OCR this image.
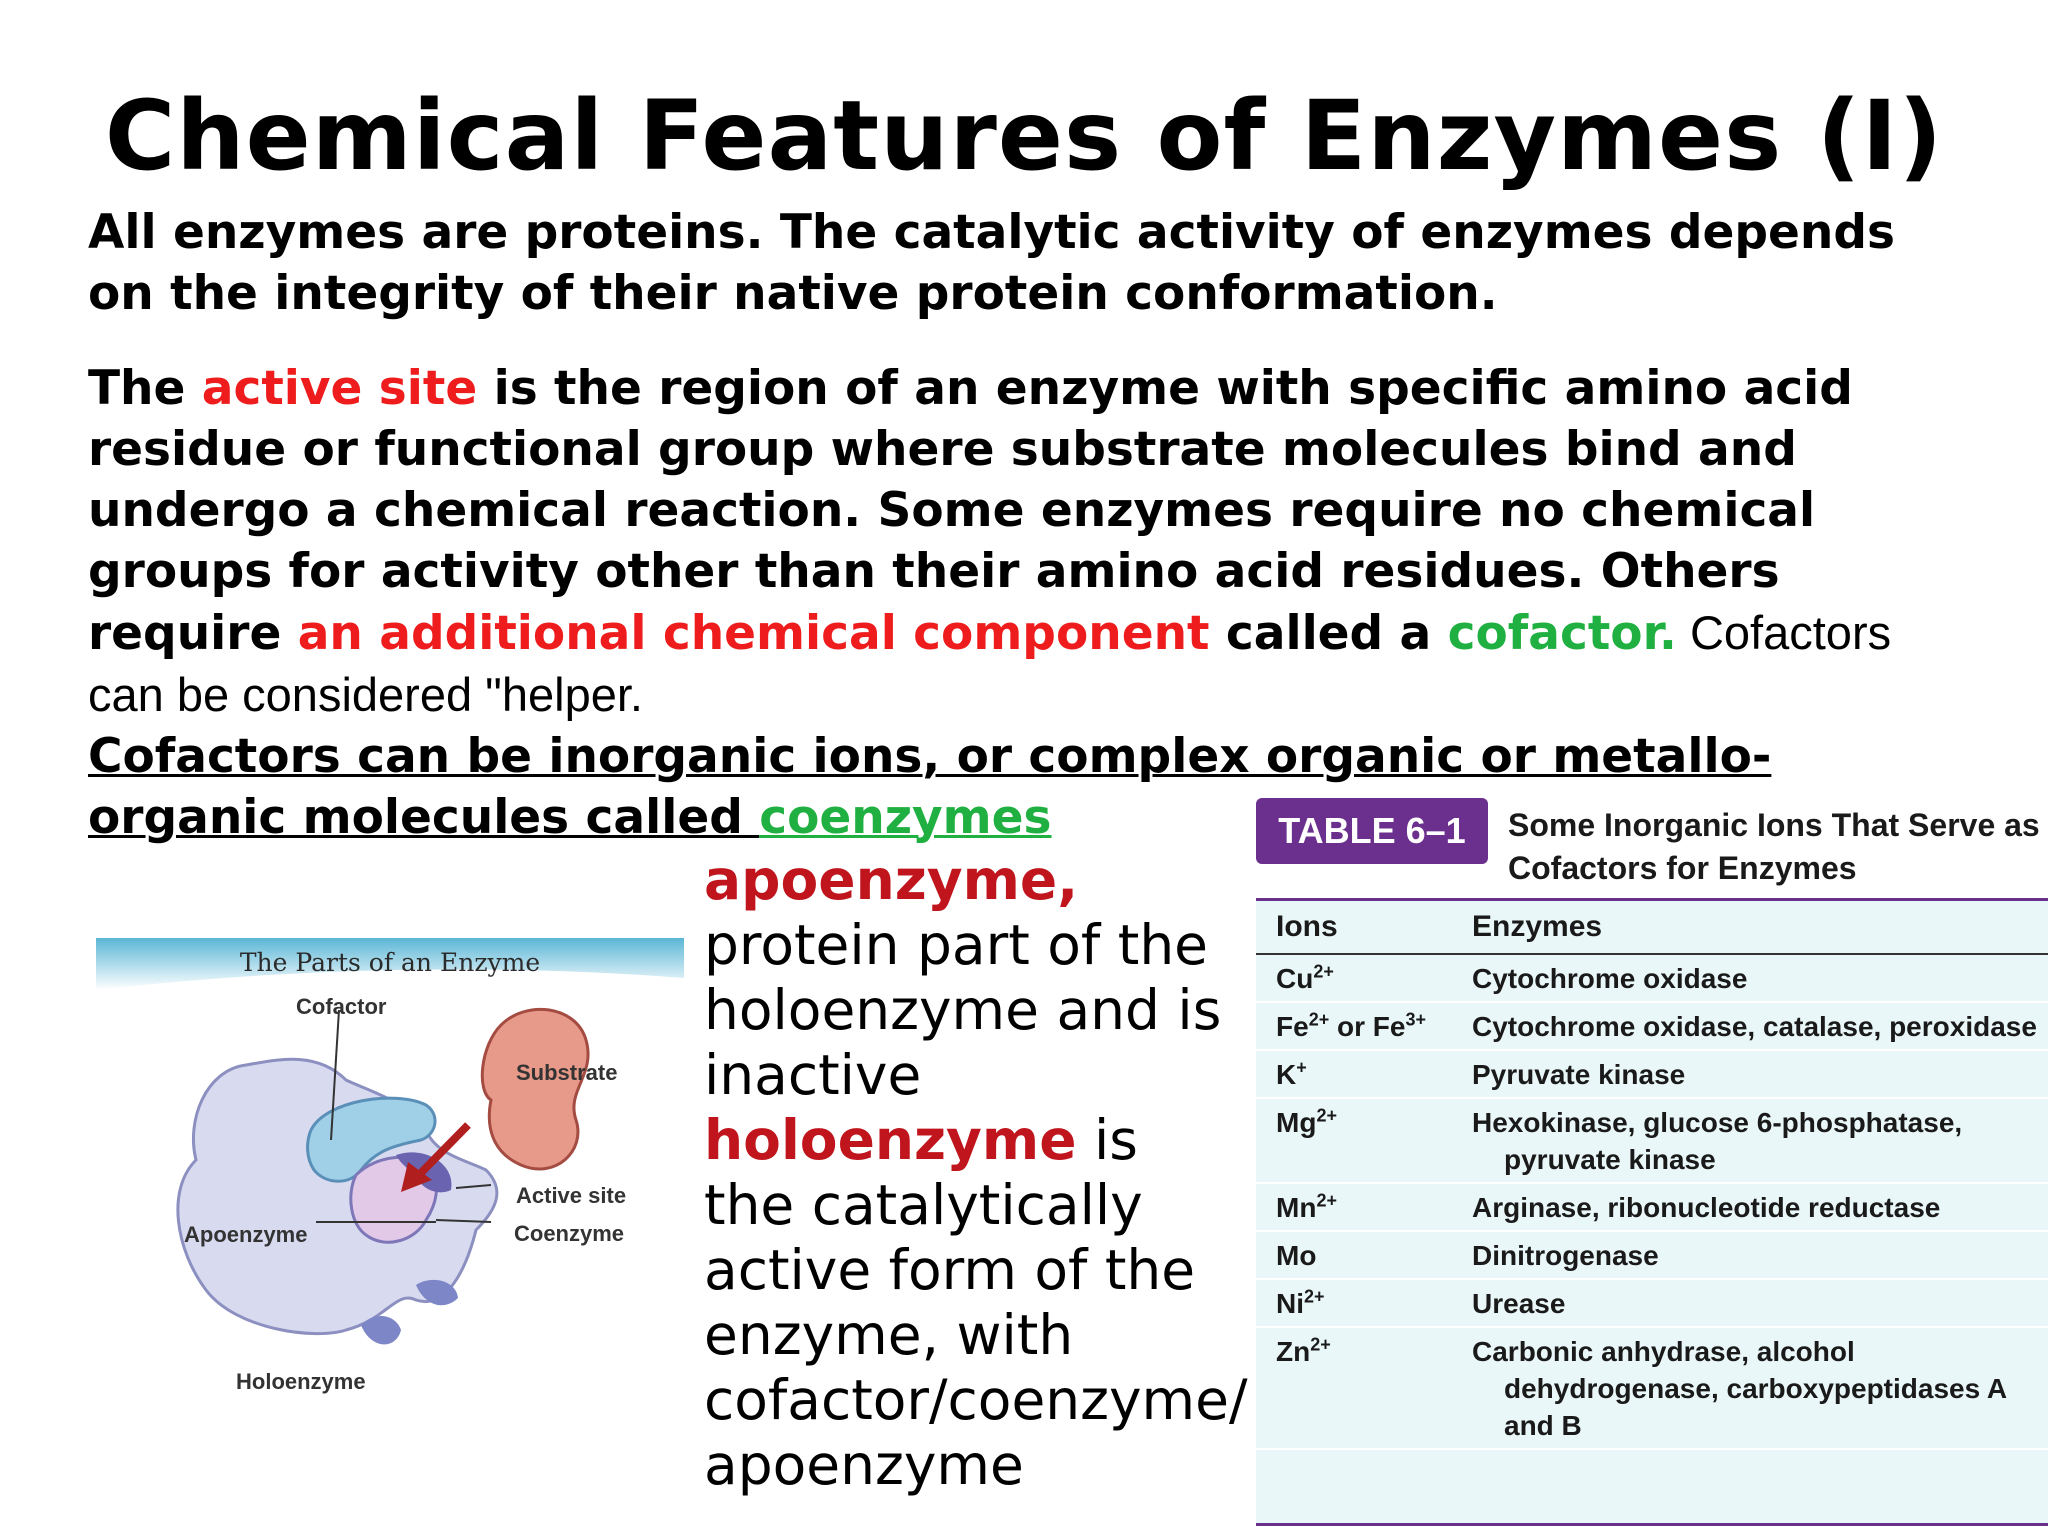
Chemical Features of Enzymes (I)
All enzymes are proteins. The catalytic activity of enzymes depends on the integrity of their native protein conformation.
The active site is the region of an enzyme with specific amino acid residue or functional group where substrate molecules bind and undergo a chemical reaction. Some enzymes require no chemical groups for activity other than their amino acid residues. Others require an additional chemical component called a cofactor. Cofactors can be considered "helper.
Cofactors can be inorganic ions, or complex organic or metallo-organic molecules called coenzymes
The Parts of an Enzyme
Cofactor
Substrate
Active site
Apoenzyme	Coenzyme
Holoenzyme
apoenzyme, protein part of the holoenzyme and is inactive
holoenzyme is the catalytically active form of the enzyme, with cofactor/coenzyme/ apoenzyme
TABLE 6–1	Some Inorganic Ions That Serve as Cofactors for Enzymes
Ions	Enzymes
$Cu^{2+}$	Cytochrome oxidase
$Fe^{2+}$ or $Fe^{3+}$	Cytochrome oxidase, catalase, peroxidase
K+	Pyruvate kinase
$Mg^{2+}$	Hexokinase, glucose 6-phosphatase, pyruvate kinase
$Mn^{2+}$	Arginase, ribonucleotide reductase
Mo	Dinitrogenase
$Ni^{2+}$	Urease
$Zn^{2+}$	Carbonic anhydrase, alcohol dehydrogenase, carboxypeptidases A and B
